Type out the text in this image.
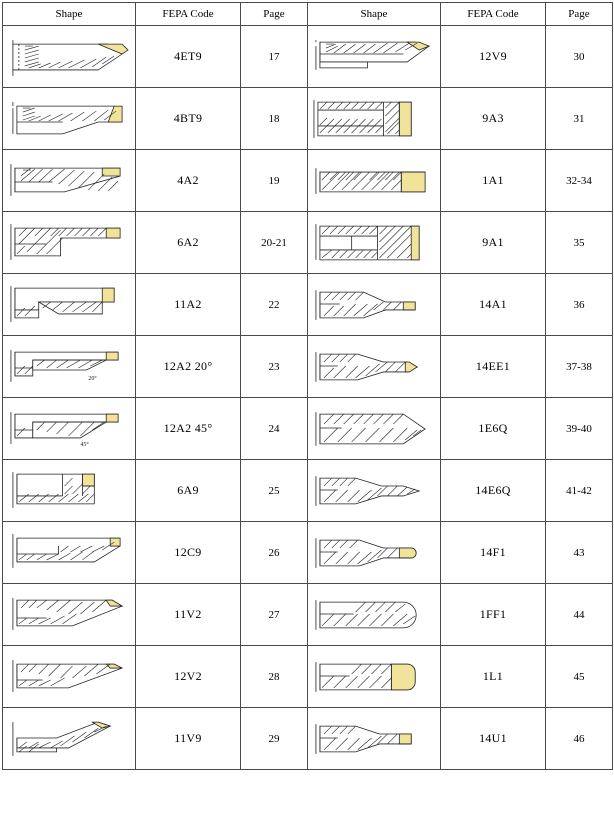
Shape	FEPA Code	Page	Shape	FEPA Code	Page

	4ET9	17		12V9	30

	4BT9	18		9A3	31

	4A2	19		1A1	32-34

	6A2	20-21		9A1	35

	11A2	22		14A1	36

20°	12A2 20°	23		14EE1	37-38

45°	12A2 45°	24		1E6Q	39-40

	6A9	25		14E6Q	41-42

	12C9	26		14F1	43

	11V2	27		1FF1	44

	12V2	28		1L1	45

	11V9	29		14U1	46
